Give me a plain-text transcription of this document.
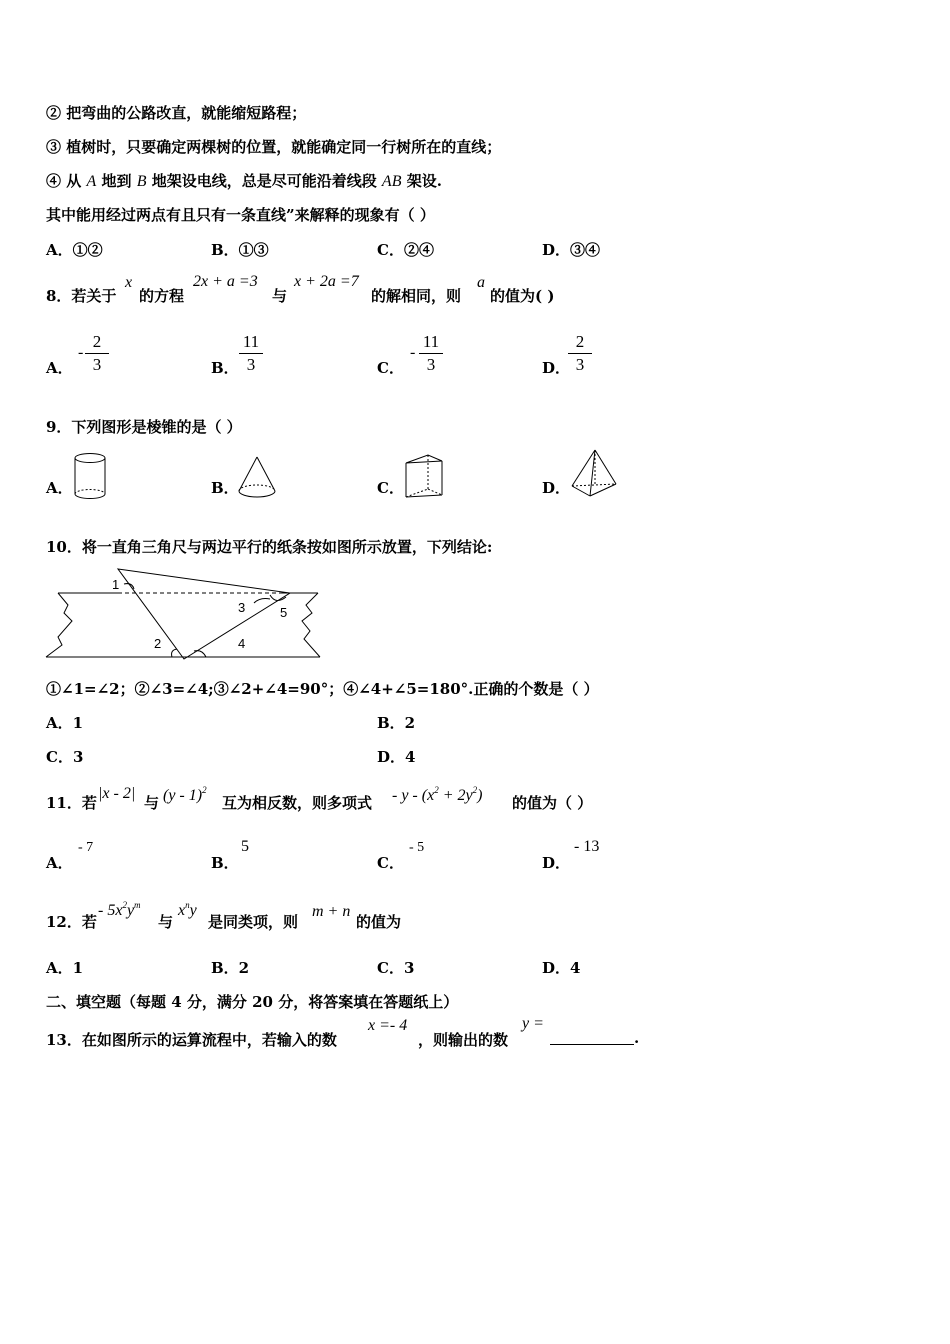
② 把弯曲的公路改直，就能缩短路程；
③ 植树时，只要确定两棵树的位置，就能确定同一行树所在的直线；
④ 从 A 地到 B 地架设电线，总是尽可能沿着线段 AB 架设.
其中能用经过两点有且只有一条直线”来解释的现象有（ ）
A．①②	B．①③	C．②④	D．③④
8．若关于
x
的方程
2x + a =3
与
x + 2a =7
的解相同，则
a
的值为( )
A．
- $\frac{2}{3}$	B． $\frac{11}{3}$	C．
- $\frac{11}{3}$	D．
$\frac{2}{3}$
9．下列图形是棱锥的是（ ）
A．	B．	C．	D．
10．将一直角三角尺与两边平行的纸条按如图所示放置，下列结论:
1
2
3
4
5
①∠1=∠2；②∠3=∠4;③∠2+∠4=90°；④∠4+∠5=180°.正确的个数是（ ）
A．1	B．2
C．3	D．4
11．若
|x - 2|
与 (y - 1)$^2$
互为相反数，则多项式 - $y - (x^2 + 2y^2)$ 的值为（ ）
A．
- 7
B．
5
C．
- 5
D．
- 13
12．若
- $5x^2y^m$
与
$x^ny$
是同类项，则
m + n
的值为
A．1	B．2	C．3	D．4
二、填空题（每题 4 分，满分 20 分，将答案填在答题纸上）
13．在如图所示的运算流程中，若输入的数
x =- 4
，则输出的数
y =
.
